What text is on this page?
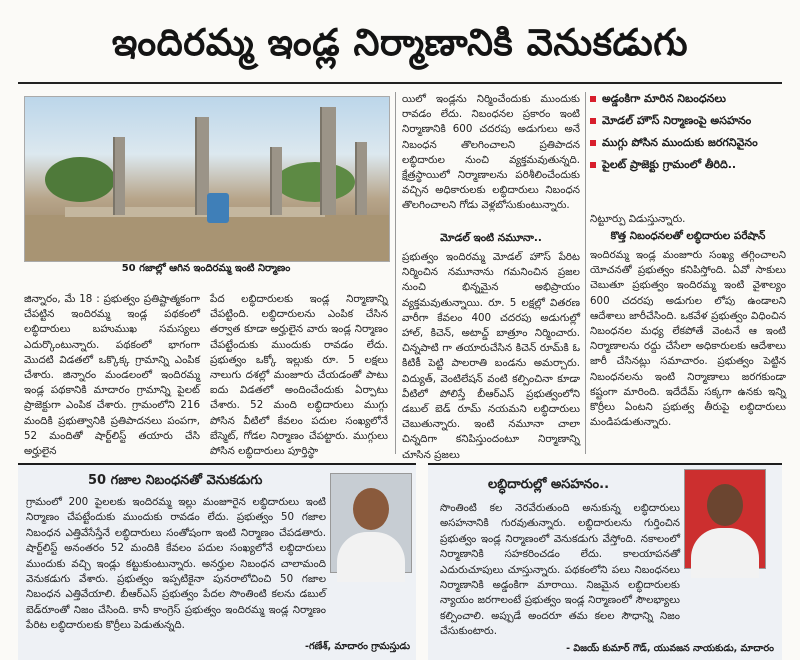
ఇందిరమ్మ ఇండ్ల నిర్మాణానికి వెనుకడుగు
50 గజాల్లో ఆగిన ఇందిరమ్మ ఇంటి నిర్మాణం
జిన్నారం, మే 18 : ప్రభుత్వం ప్రతిష్టాత్మకంగా చేపట్టిన ఇందిరమ్మ ఇండ్ల పథకంలో లబ్ధిదారులు బహుముఖ సమస్యలు ఎదుర్కొంటున్నారు. పథకంలో భాగంగా మొదటి విడతలో ఒక్కొక్క గ్రామాన్ని ఎంపిక చేశారు. జిన్నారం మండలంలో ఇందిరమ్మ ఇండ్ల పథకానికి మాదారం గ్రామాన్ని పైలట్ ప్రాజెక్టుగా ఎంపిక చేశారు. గ్రామంలోని 216 మందికి ప్రభుత్వానికి ప్రతిపాదనలు పంపగా, 52 మందితో షార్ట్‌లిస్ట్ తయారు చేసి అర్హులైన
పేద లబ్ధిదారులకు ఇండ్ల నిర్మాణాన్ని చేపట్టింది. లబ్ధిదారులను ఎంపిక చేసిన తర్వాత కూడా అర్హులైన వారు ఇండ్ల నిర్మాణం చేపట్టేందుకు ముందుకు రావడం లేదు. ప్రభుత్వం ఒక్కో ఇల్లుకు రూ. 5 లక్షలు నాలుగు దశల్లో మంజూరు చేయడంతో పాటు ఐదు విడతలో అందించేందుకు ఏర్పాటు చేశారు. 52 మంది లబ్ధిదారులు ముగ్గు పోసిన వీటిలో కేవలం పదుల సంఖ్యలోనే బేస్మెట్, గోడల నిర్మాణం చేపట్టారు. ముగ్గులు పోసిన లబ్ధిదారులు పూర్తిస్థా
యిలో ఇండ్లను నిర్మించేందుకు ముందుకు రావడం లేదు. నిబంధనల ప్రకారం ఇంటి నిర్మాణానికి 600 చదరపు అడుగులు అనే నిబంధన తొలగించాలని ప్రతిపాదన లబ్ధిదారుల నుంచి వ్యక్తమవుతున్నది. క్షేత్రస్థాయిలో నిర్మాణాలను పరిశీలించేందుకు వచ్చిన అధికారులకు లబ్ధిదారులు నిబంధన తొలగించాలని గోడు వెళ్లబోసుకుంటున్నారు.
మోడల్ ఇంటి నమూనా..
ప్రభుత్వం ఇందిరమ్మ మోడల్ హౌస్ పేరిట నిర్మించిన నమూనాను గమనించిన ప్రజల నుంచి భిన్నమైన అభిప్రాయం వ్యక్తమవుతున్నాయి. రూ. 5 లక్షల్లో వితరణ వారీగా కేవలం 400 చదరపు అడుగుల్లో హాల్, కిచెన్, అటాచ్డ్ బాత్రూం నిర్మించారు. చిన్నపాటి గా తయారుచేసిన కిచెన్ రూమ్‌కి ఓ కిటికీ పెట్టి పాలరాతి బండను అమర్చారు. విద్యుత్, వెంటిలేషన్ వంటి కల్పించినా కూడా వీటిలో పోలిస్తే బీఆర్ఎస్ ప్రభుత్వంలోని డబుల్ బెడ్ రూమ్ నయమని లబ్ధిదారులు చెబుతున్నారు. ఇంటి నమూనా చాలా చిన్నదిగా కనిపిస్తుందంటూ నిర్మాణాన్ని చూసిన ప్రజలు
అడ్డంకిగా మారిన నిబంధనలు
మోడల్ హౌస్ నిర్మాణంపై అసహనం
ముగ్గు పోసిన ముందుకు జరగనివైనం
పైలట్ ప్రాజెక్టు గ్రామంలో తీరిది..
నిట్టూర్పు విడుస్తున్నారు.
కొత్త నిబంధనలతో లబ్ధిదారుల పరేషాన్
ఇందిరమ్మ ఇండ్ల మంజూరు సంఖ్య తగ్గించాలని యోచనతో ప్రభుత్వం కనిపిస్తోంది. ఏవో సాకులు చెబుతూ ప్రభుత్వం ఇందిరమ్మ ఇంటి వైశాల్యం 600 చదరపు అడుగుల లోపు ఉండాలని ఆదేశాలు జారీచేసింది. ఒకవేళ ప్రభుత్వం విధించిన నిబంధనల మధ్య లేకపోతే వెంటనే ఆ ఇంటి నిర్మాణాలను రద్దు చేసేలా అధికారులకు ఆదేశాలు జారీ చేసినట్లు సమాచారం. ప్రభుత్వం పెట్టిన నిబంధనలను ఇంటి నిర్మాణాలు జరగకుండా కష్టంగా మారింది. ఇదేదేమ్ సక్కగా ఉనకు ఇన్ని కొర్రీలు ఏంటని ప్రభుత్వ తీరుపై లబ్ధిదారులు మండిపడుతున్నారు.
50 గజాల నిబంధనతో వెనుకడుగు
గ్రామంలో 200 పైలలకు ఇందిరమ్మ ఇల్లు మంజూరైన లబ్ధిదారులు ఇంటి నిర్మాణం చేపట్టేందుకు ముందుకు రావడం లేదు. ప్రభుత్వం 50 గజాల నిబంధన ఎత్తివేసేస్తేనే లబ్ధిదారులు సంతోషంగా ఇంటి నిర్మాణం చేపడతారు. షార్ట్‌లిస్ట్ అనంతరం 52 మందికి కేవలం పదుల సంఖ్యలోనే లబ్ధిదారులు ముందుకు వచ్చి ఇండ్లు కట్టుకుంటున్నారు. అనర్హుల నిబంధన చాలామంది వెనుకడుగు వేశారు. ప్రభుత్వం ఇప్పటికైనా పునరాలోచించి 50 గజాల నిబంధన ఎత్తివేయాలి. బీఆర్ఎస్ ప్రభుత్వం పేదల సొంతింటి కలను డబుల్ బెడ్‌రూంతో నిజం చేసింది. కానీ కాంగ్రెస్ ప్రభుత్వం ఇందిరమ్మ ఇండ్ల నిర్మాణం పేరిట లబ్ధిదారులకు కొర్రీలు పెడుతున్నది.
-గణేశ్, మాదారం గ్రామస్తుడు
లబ్ధిదారుల్లో అసహనం..
సొంతింటి కల నెరవేరుతుంది అనుకున్న లబ్ధిదారులు అసహనానికి గురవుతున్నారు. లబ్ధిదారులను గుర్తించిన ప్రభుత్వం ఇండ్ల నిర్మాణంలో వెనుకడుగు వేస్తోంది. నకాలంలో నిర్మాణానికి సహకరించడం లేదు. కాలయాపనతో ఎదురుచూపులు చూస్తున్నారు. పథకంలోని పలు నిబంధనలు నిర్మాణానికి అడ్డంకిగా మారాయి. నిజమైన లబ్ధిదారులకు న్యాయం జరగాలంటే ప్రభుత్వం ఇండ్ల నిర్మాణంలో సౌలభ్యాలు కల్పించాలి. అప్పుడే అందరూ తమ కలల సౌధాన్ని నిజం చేసుకుంటారు.
- విజయ్ కుమార్ గౌడ్, యువజన నాయకుడు, మాదారం
